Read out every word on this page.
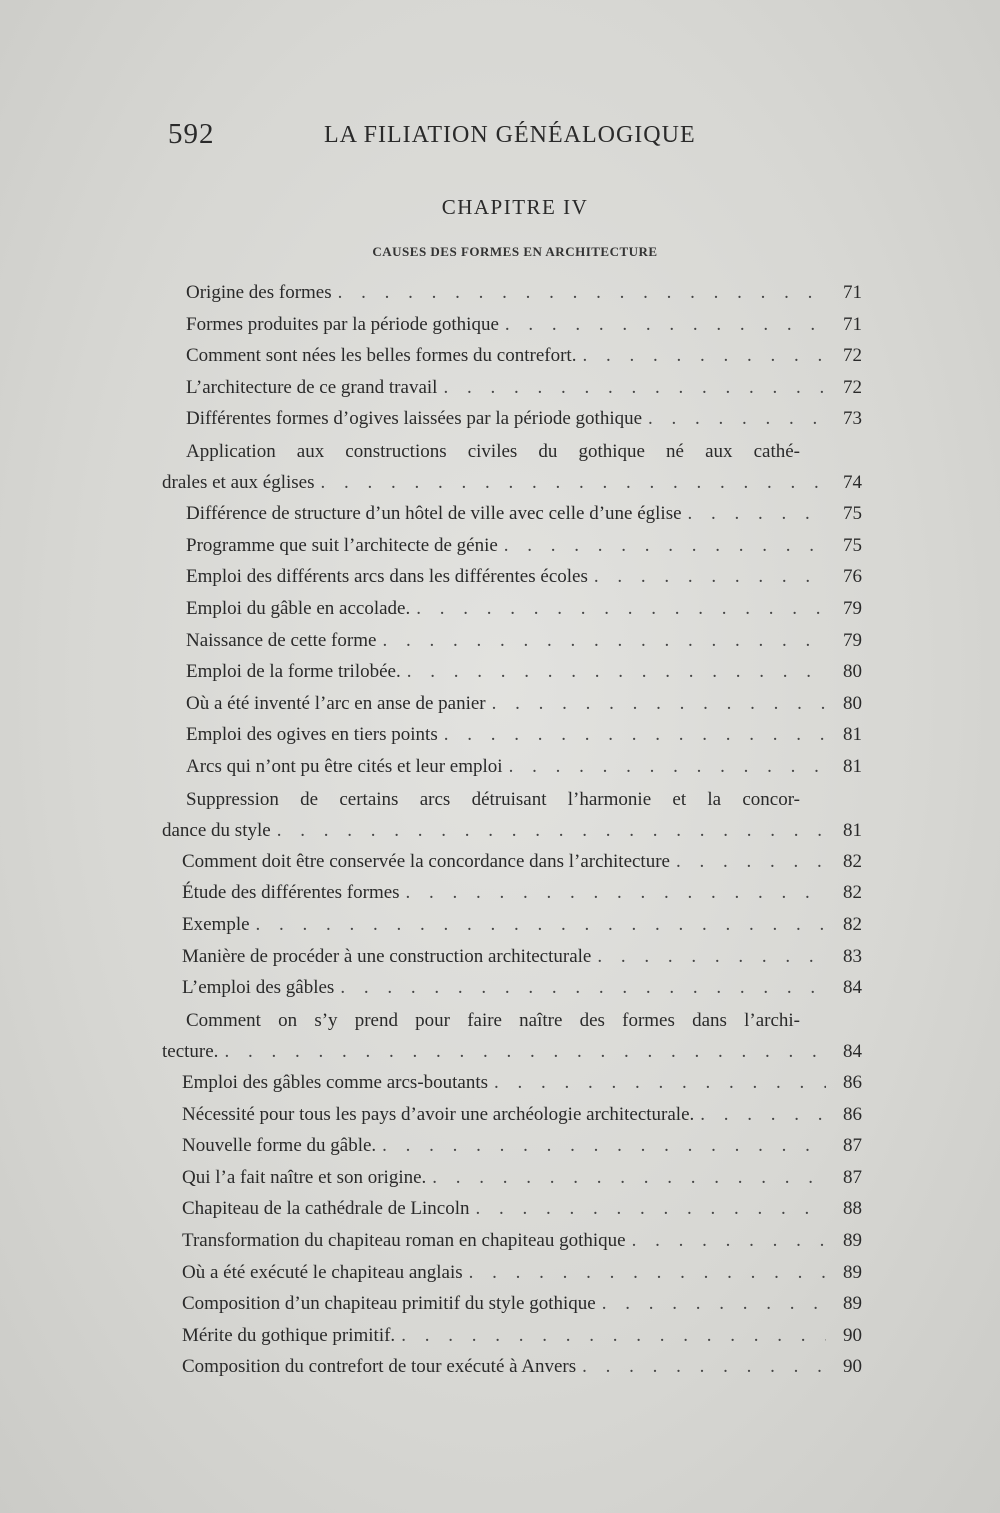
592	LA FILIATION GÉNÉALOGIQUE
CHAPITRE IV
CAUSES DES FORMES EN ARCHITECTURE
Origine des formes . . .	71
Formes produites par la période gothique . . .	71
Comment sont nées les belles formes du contrefort. . . .	72
L’architecture de ce grand travail . . .	72
Différentes formes d’ogives laissées par la période gothique . . .	73
Application aux constructions civiles du gothique né aux cathé-
drales et aux églises . . .	74
Différence de structure d’un hôtel de ville avec celle d’une église . . .	75
Programme que suit l’architecte de génie . . .	75
Emploi des différents arcs dans les différentes écoles . . .	76
Emploi du gâble en accolade. . . .	79
Naissance de cette forme . . .	79
Emploi de la forme trilobée. . . .	80
Où a été inventé l’arc en anse de panier . . .	80
Emploi des ogives en tiers points . . .	81
Arcs qui n’ont pu être cités et leur emploi . . .	81
Suppression de certains arcs détruisant l’harmonie et la concor-
dance du style . . .	81
Comment doit être conservée la concordance dans l’architecture . . .	82
Étude des différentes formes . . .	82
Exemple . . .	82
Manière de procéder à une construction architecturale . . .	83
L’emploi des gâbles . . .	84
Comment on s’y prend pour faire naître des formes dans l’archi-
tecture. . . .	84
Emploi des gâbles comme arcs-boutants . . .	86
Nécessité pour tous les pays d’avoir une archéologie architecturale. . . .	86
Nouvelle forme du gâble. . . .	87
Qui l’a fait naître et son origine. . . .	87
Chapiteau de la cathédrale de Lincoln . . .	88
Transformation du chapiteau roman en chapiteau gothique . . .	89
Où a été exécuté le chapiteau anglais . . .	89
Composition d’un chapiteau primitif du style gothique . . .	89
Mérite du gothique primitif. . . .	90
Composition du contrefort de tour exécuté à Anvers . . .	90
